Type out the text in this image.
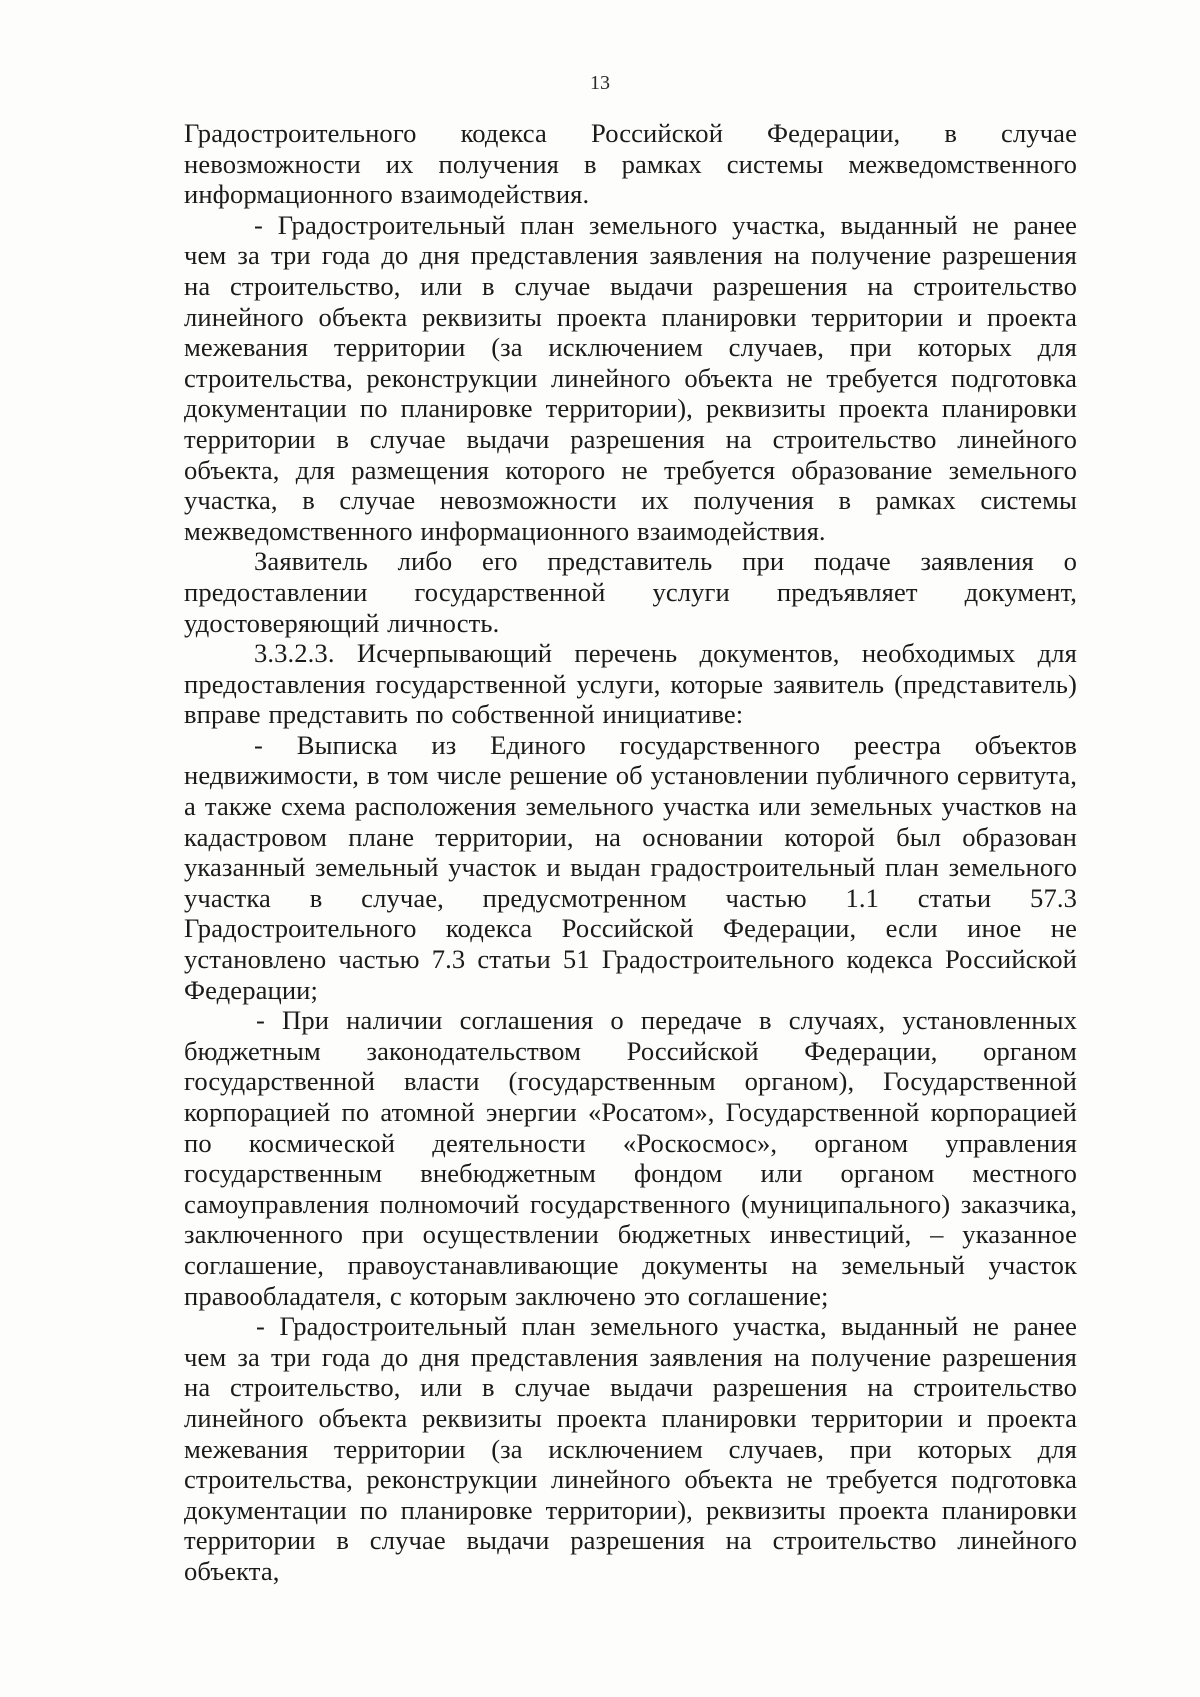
13

Градостроительного кодекса Российской Федерации, в случае невозможности их получения в рамках системы межведомственного информационного взаимодействия.

- Градостроительный план земельного участка, выданный не ранее чем за три года до дня представления заявления на получение разрешения на строительство, или в случае выдачи разрешения на строительство линейного объекта реквизиты проекта планировки территории и проекта межевания территории (за исключением случаев, при которых для строительства, реконструкции линейного объекта не требуется подготовка документации по планировке территории), реквизиты проекта планировки территории в случае выдачи разрешения на строительство линейного объекта, для размещения которого не требуется образование земельного участка, в случае невозможности их получения в рамках системы межведомственного информационного взаимодействия.

Заявитель либо его представитель при подаче заявления о предоставлении государственной услуги предъявляет документ, удостоверяющий личность.

3.3.2.3. Исчерпывающий перечень документов, необходимых для предоставления государственной услуги, которые заявитель (представитель) вправе представить по собственной инициативе:

- Выписка из Единого государственного реестра объектов недвижимости, в том числе решение об установлении публичного сервитута, а также схема расположения земельного участка или земельных участков на кадастровом плане территории, на основании которой был образован указанный земельный участок и выдан градостроительный план земельного участка в случае, предусмотренном частью 1.1 статьи 57.3 Градостроительного кодекса Российской Федерации, если иное не установлено частью 7.3 статьи 51 Градостроительного кодекса Российской Федерации;

- При наличии соглашения о передаче в случаях, установленных бюджетным законодательством Российской Федерации, органом государственной власти (государственным органом), Государственной корпорацией по атомной энергии «Росатом», Государственной корпорацией по космической деятельности «Роскосмос», органом управления государственным внебюджетным фондом или органом местного самоуправления полномочий государственного (муниципального) заказчика, заключенного при осуществлении бюджетных инвестиций, – указанное соглашение, правоустанавливающие документы на земельный участок правообладателя, с которым заключено это соглашение;

- Градостроительный план земельного участка, выданный не ранее чем за три года до дня представления заявления на получение разрешения на строительство, или в случае выдачи разрешения на строительство линейного объекта реквизиты проекта планировки территории и проекта межевания территории (за исключением случаев, при которых для строительства, реконструкции линейного объекта не требуется подготовка документации по планировке территории), реквизиты проекта планировки территории в случае выдачи разрешения на строительство линейного объекта,
